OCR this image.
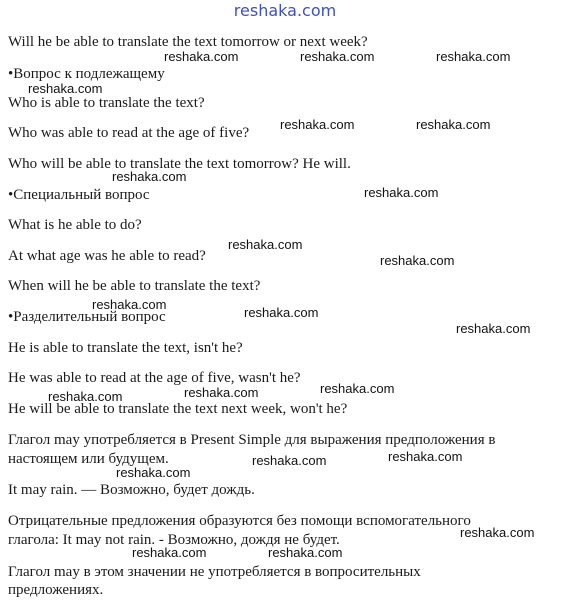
reshaka.com
Will he be able to translate the text tomorrow or next week?
•Вопрос к подлежащему
Who is able to translate the text?
Who was able to read at the age of five?
Who will be able to translate the text tomorrow? He will.
•Специальный вопрос
What is he able to do?
At what age was he able to read?
When will he be able to translate the text?
•Разделительный вопрос
He is able to translate the text, isn't he?
He was able to read at the age of five, wasn't he?
He will be able to translate the text next week, won't he?
Глагол may употребляется в Present Simple для выражения предположения в
настоящем или будущем.
It may rain. — Возможно, будет дождь.
Отрицательные предложения образуются без помощи вспомогательного
глагола: It may not rain. - Возможно, дождя не будет.
Глагол may в этом значении не употребляется в вопросительных
предложениях.
reshaka.com	reshaka.com	reshaka.com
reshaka.com
reshaka.com	reshaka.com
reshaka.com
reshaka.com
reshaka.com
reshaka.com
reshaka.com
reshaka.com
reshaka.com
reshaka.com
reshaka.com	reshaka.com
reshaka.com
reshaka.com
reshaka.com
reshaka.com
reshaka.com	reshaka.com
